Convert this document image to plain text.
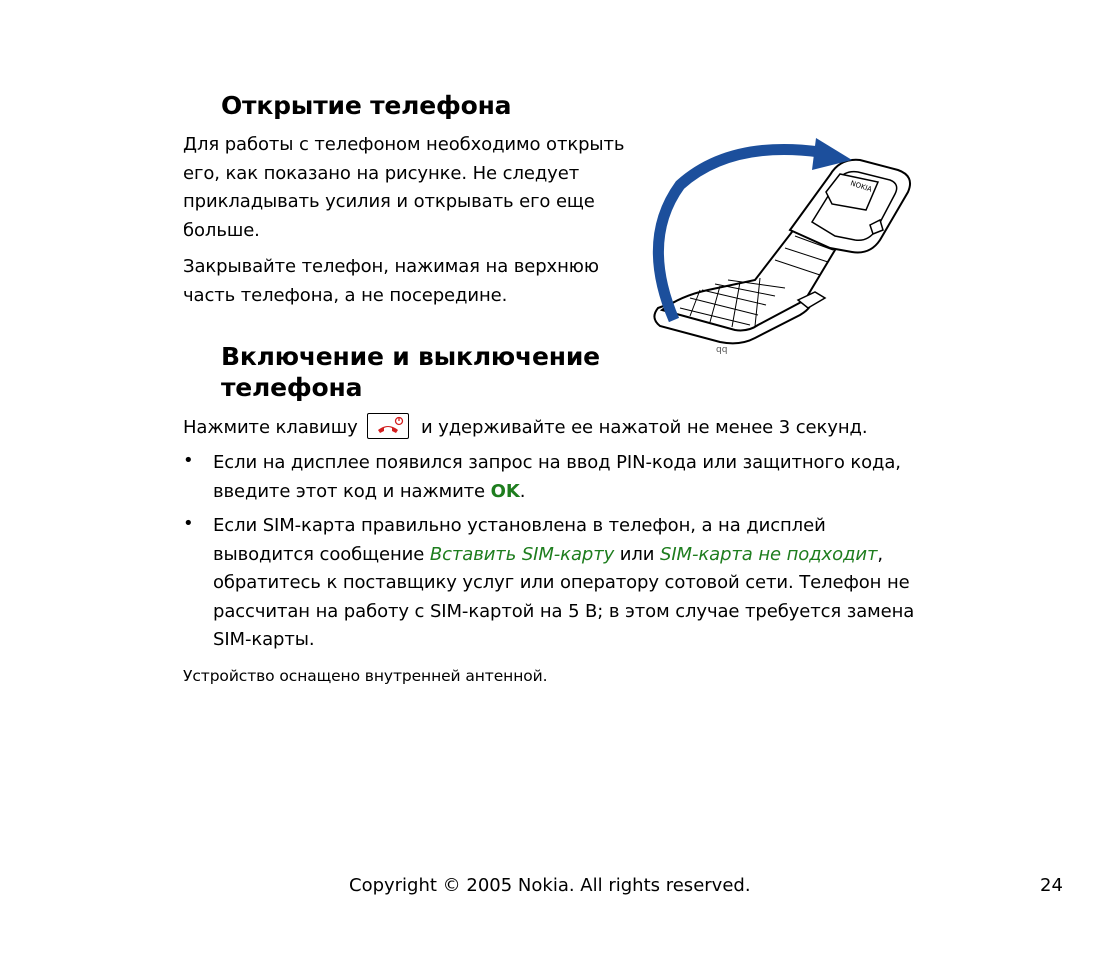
Открытие телефона
Для работы с телефоном необходимо открыть
его, как показано на рисунке. Не следует
прикладывать усилия и открывать его еще
больше.
Закрывайте телефон, нажимая на верхнюю
часть телефона, а не посередине.
NOKIA
qq
Включение и выключение
телефона
Нажмите клавишу	и удерживайте ее нажатой не менее 3 секунд.
• Если на дисплее появился запрос на ввод PIN-кода или защитного кода,
введите этот код и нажмите OK.
• Если SIM-карта правильно установлена в телефон, а на дисплей
выводится сообщение Вставить SIM-карту или SIM-карта не подходит,
обратитесь к поставщику услуг или оператору сотовой сети. Телефон не
рассчитан на работу с SIM-картой на 5 В; в этом случае требуется замена
SIM-карты.
Устройство оснащено внутренней антенной.
Copyright © 2005 Nokia. All rights reserved.	24
